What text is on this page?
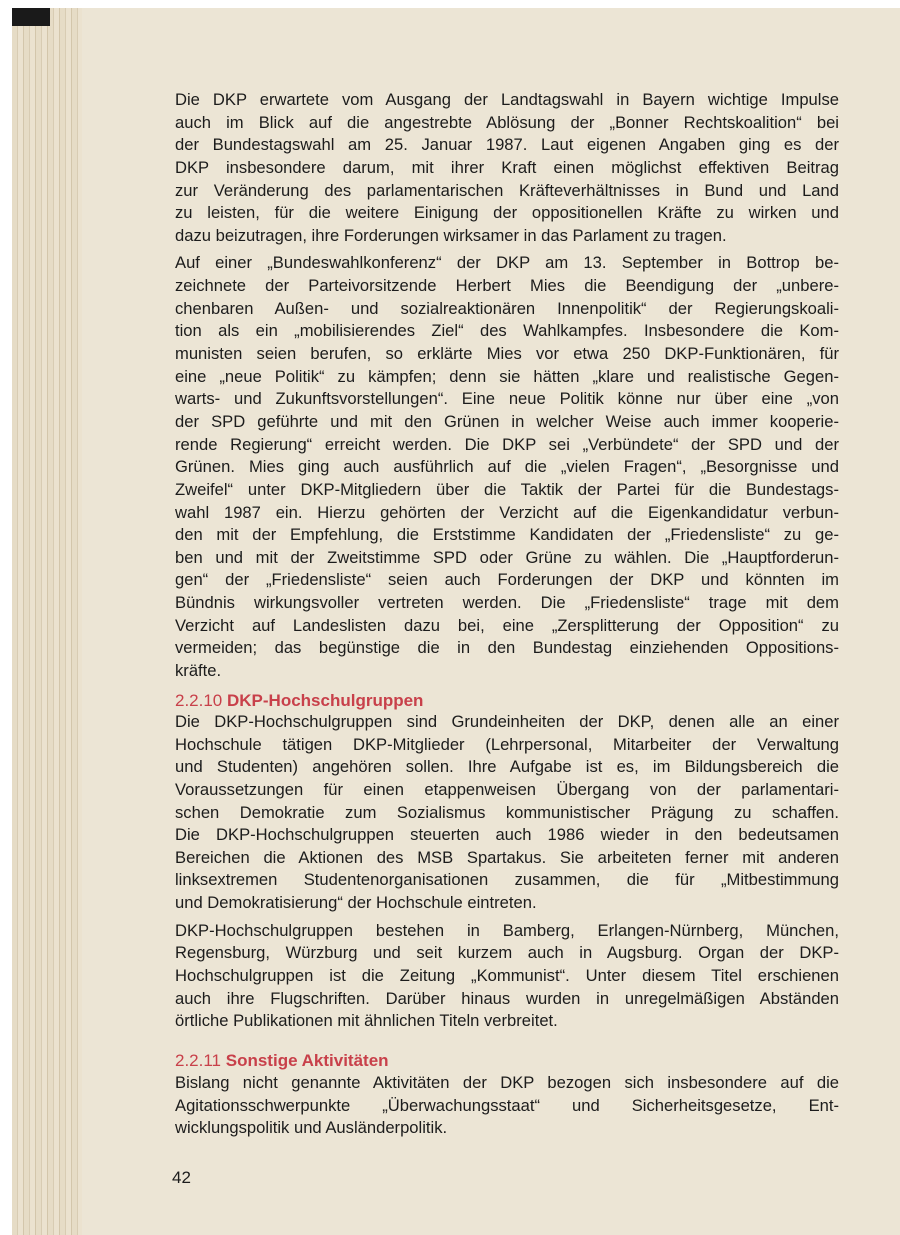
Die DKP erwartete vom Ausgang der Landtagswahl in Bayern wichtige Impulse
auch im Blick auf die angestrebte Ablösung der „Bonner Rechtskoalition“ bei
der Bundestagswahl am 25. Januar 1987. Laut eigenen Angaben ging es der
DKP insbesondere darum, mit ihrer Kraft einen möglichst effektiven Beitrag
zur Veränderung des parlamentarischen Kräfteverhältnisses in Bund und Land
zu leisten, für die weitere Einigung der oppositionellen Kräfte zu wirken und
dazu beizutragen, ihre Forderungen wirksamer in das Parlament zu tragen.
Auf einer „Bundeswahlkonferenz“ der DKP am 13. September in Bottrop be-
zeichnete der Parteivorsitzende Herbert Mies die Beendigung der „unbere-
chenbaren Außen- und sozialreaktionären Innenpolitik“ der Regierungskoali-
tion als ein „mobilisierendes Ziel“ des Wahlkampfes. Insbesondere die Kom-
munisten seien berufen, so erklärte Mies vor etwa 250 DKP-Funktionären, für
eine „neue Politik“ zu kämpfen; denn sie hätten „klare und realistische Gegen-
warts- und Zukunftsvorstellungen“. Eine neue Politik könne nur über eine „von
der SPD geführte und mit den Grünen in welcher Weise auch immer kooperie-
rende Regierung“ erreicht werden. Die DKP sei „Verbündete“ der SPD und der
Grünen. Mies ging auch ausführlich auf die „vielen Fragen“, „Besorgnisse und
Zweifel“ unter DKP-Mitgliedern über die Taktik der Partei für die Bundestags-
wahl 1987 ein. Hierzu gehörten der Verzicht auf die Eigenkandidatur verbun-
den mit der Empfehlung, die Erststimme Kandidaten der „Friedensliste“ zu ge-
ben und mit der Zweitstimme SPD oder Grüne zu wählen. Die „Hauptforderun-
gen“ der „Friedensliste“ seien auch Forderungen der DKP und könnten im
Bündnis wirkungsvoller vertreten werden. Die „Friedensliste“ trage mit dem
Verzicht auf Landeslisten dazu bei, eine „Zersplitterung der Opposition“ zu
vermeiden; das begünstige die in den Bundestag einziehenden Oppositions-
kräfte.
2.2.10 DKP-Hochschulgruppen
Die DKP-Hochschulgruppen sind Grundeinheiten der DKP, denen alle an einer
Hochschule tätigen DKP-Mitglieder (Lehrpersonal, Mitarbeiter der Verwaltung
und Studenten) angehören sollen. Ihre Aufgabe ist es, im Bildungsbereich die
Voraussetzungen für einen etappenweisen Übergang von der parlamentari-
schen Demokratie zum Sozialismus kommunistischer Prägung zu schaffen.
Die DKP-Hochschulgruppen steuerten auch 1986 wieder in den bedeutsamen
Bereichen die Aktionen des MSB Spartakus. Sie arbeiteten ferner mit anderen
linksextremen Studentenorganisationen zusammen, die für „Mitbestimmung
und Demokratisierung“ der Hochschule eintreten.
DKP-Hochschulgruppen bestehen in Bamberg, Erlangen-Nürnberg, München,
Regensburg, Würzburg und seit kurzem auch in Augsburg. Organ der DKP-
Hochschulgruppen ist die Zeitung „Kommunist“. Unter diesem Titel erschienen
auch ihre Flugschriften. Darüber hinaus wurden in unregelmäßigen Abständen
örtliche Publikationen mit ähnlichen Titeln verbreitet.
2.2.11 Sonstige Aktivitäten
Bislang nicht genannte Aktivitäten der DKP bezogen sich insbesondere auf die
Agitationsschwerpunkte „Überwachungsstaat“ und Sicherheitsgesetze, Ent-
wicklungspolitik und Ausländerpolitik.
42
